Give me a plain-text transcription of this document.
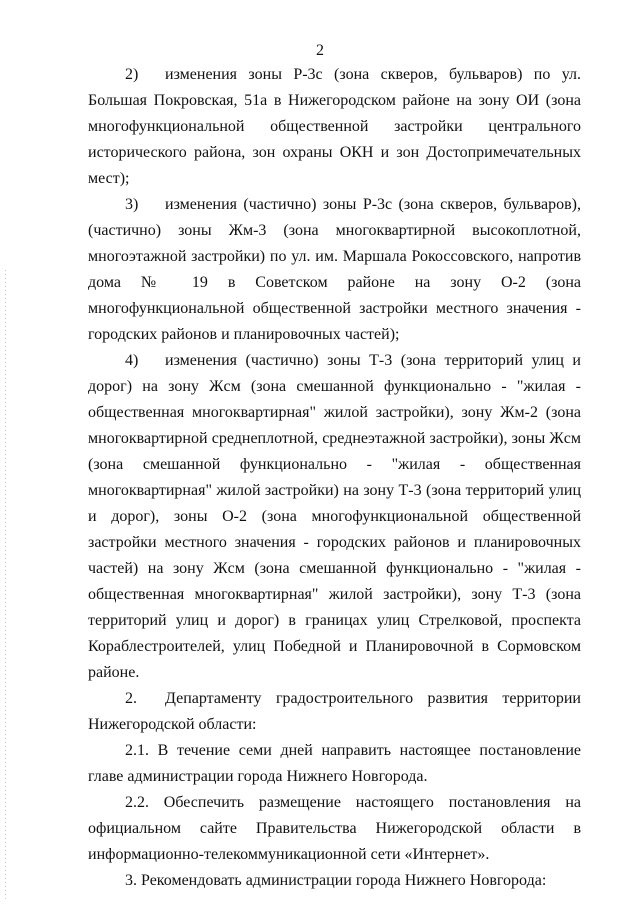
2

2) изменения зоны Р-3с (зона скверов, бульваров) по ул. Большая Покровская, 51а в Нижегородском районе на зону ОИ (зона многофункциональной общественной застройки центрального исторического района, зон охраны ОКН и зон Достопримечательных мест);

3) изменения (частично) зоны Р-3с (зона скверов, бульваров), (частично) зоны Жм-3 (зона многоквартирной высокоплотной, многоэтажной застройки) по ул. им. Маршала Рокоссовского, напротив дома № 19 в Советском районе на зону О-2 (зона многофункциональной общественной застройки местного значения - городских районов и планировочных частей);

4) изменения (частично) зоны Т-3 (зона территорий улиц и дорог) на зону Жсм (зона смешанной функционально - "жилая - общественная многоквартирная" жилой застройки), зону Жм-2 (зона многоквартирной среднеплотной, среднеэтажной застройки), зоны Жсм (зона смешанной функционально - "жилая - общественная многоквартирная" жилой застройки) на зону Т-3 (зона территорий улиц и дорог), зоны О-2 (зона многофункциональной общественной застройки местного значения - городских районов и планировочных частей) на зону Жсм (зона смешанной функционально - "жилая - общественная многоквартирная" жилой застройки), зону Т-3 (зона территорий улиц и дорог) в границах улиц Стрелковой, проспекта Кораблестроителей, улиц Победной и Планировочной в Сормовском районе.

2. Департаменту градостроительного развития территории Нижегородской области:

2.1. В течение семи дней направить настоящее постановление главе администрации города Нижнего Новгорода.

2.2. Обеспечить размещение настоящего постановления на официальном сайте Правительства Нижегородской области в информационно-телекоммуникационной сети «Интернет».

3. Рекомендовать администрации города Нижнего Новгорода:
